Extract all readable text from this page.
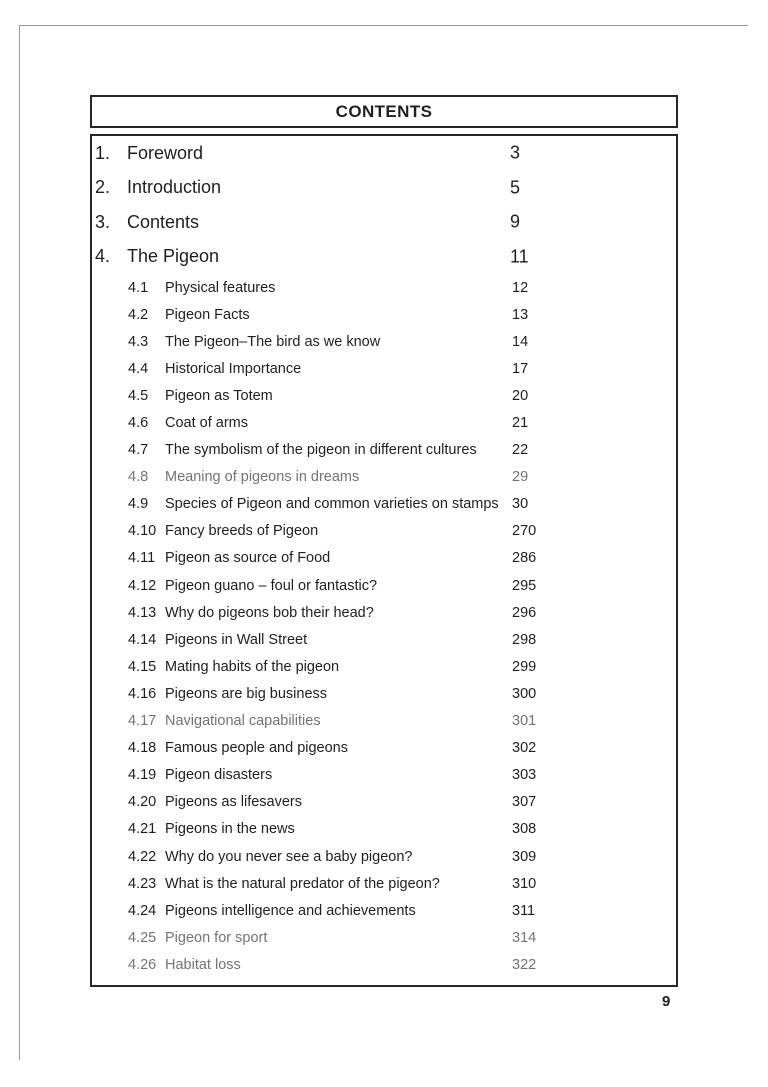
CONTENTS
1. Foreword	3
2. Introduction	5
3. Contents	9
4. The Pigeon	11
4.1	Physical features	12
4.2	Pigeon Facts	13
4.3	The Pigeon–The bird as we know	14
4.4	Historical Importance	17
4.5	Pigeon as Totem	20
4.6	Coat of arms	21
4.7	The symbolism of the pigeon in different cultures 22
4.8	Meaning of pigeons in dreams	29
4.9	Species of Pigeon and common varieties on stamps 30
4.10 Fancy breeds of Pigeon	270
4.11 Pigeon as source of Food	286
4.12 Pigeon guano – foul or fantastic?	295
4.13 Why do pigeons bob their head?	296
4.14 Pigeons in Wall Street	298
4.15 Mating habits of the pigeon	299
4.16 Pigeons are big business	300
4.17 Navigational capabilities	301
4.18 Famous people and pigeons	302
4.19 Pigeon disasters	303
4.20 Pigeons as lifesavers	307
4.21 Pigeons in the news	308
4.22 Why do you never see a baby pigeon?	309
4.23 What is the natural predator of the pigeon?	310
4.24 Pigeons intelligence and achievements	311
4.25 Pigeon for sport	314
4.26 Habitat loss	322
9
